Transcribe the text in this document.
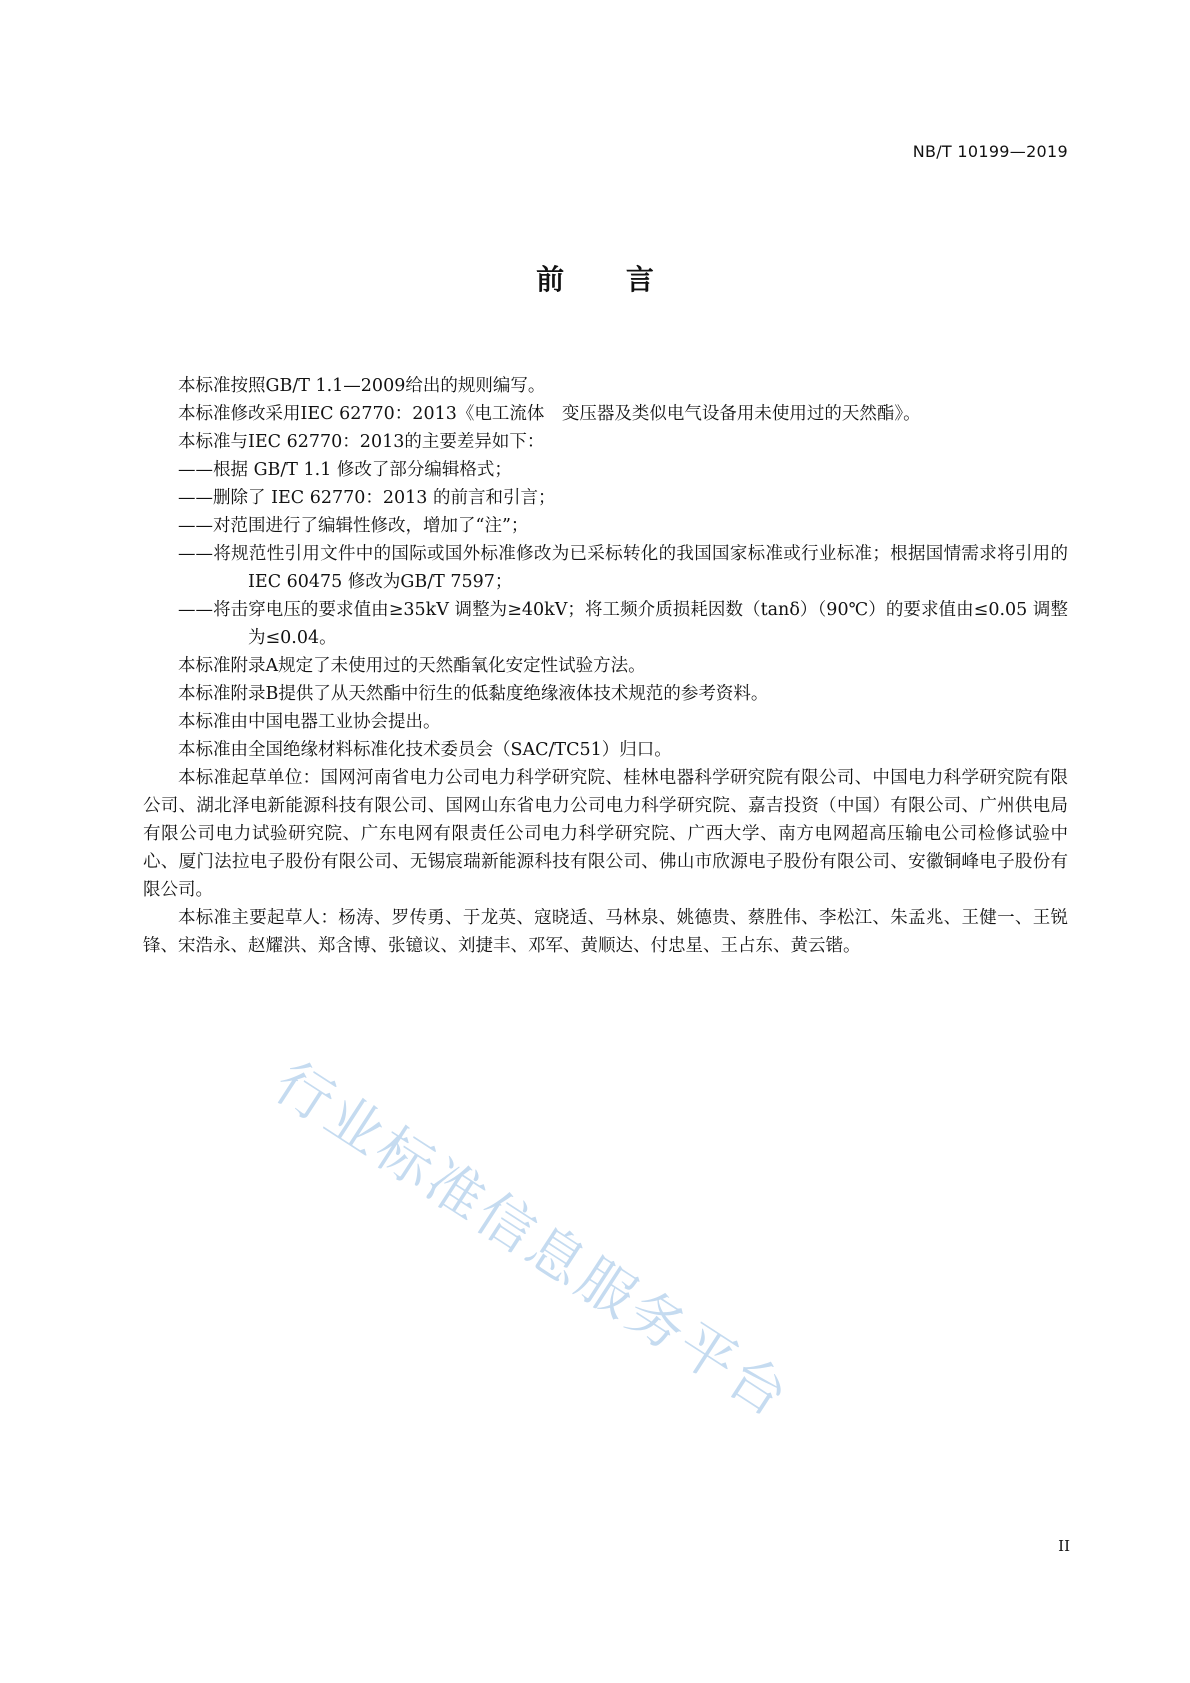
NB/T 10199—2019
前 言

本标准按照GB/T 1.1—2009给出的规则编写。

本标准修改采用IEC 62770：2013《电工流体　变压器及类似电气设备用未使用过的天然酯》。

本标准与IEC 62770：2013的主要差异如下：

——根据 GB/T 1.1 修改了部分编辑格式；

——删除了 IEC 62770：2013 的前言和引言；

——对范围进行了编辑性修改，增加了“注”；

——将规范性引用文件中的国际或国外标准修改为已采标转化的我国国家标准或行业标准；根据国情需求将引用的IEC 60475 修改为GB/T 7597；

——将击穿电压的要求值由≥35kV 调整为≥40kV；将工频介质损耗因数（tanδ）（90℃）的要求值由≤0.05 调整为≤0.04。

本标准附录A规定了未使用过的天然酯氧化安定性试验方法。

本标准附录B提供了从天然酯中衍生的低黏度绝缘液体技术规范的参考资料。

本标准由中国电器工业协会提出。

本标准由全国绝缘材料标准化技术委员会（SAC/TC51）归口。

本标准起草单位：国网河南省电力公司电力科学研究院、桂林电器科学研究院有限公司、中国电力科学研究院有限公司、湖北泽电新能源科技有限公司、国网山东省电力公司电力科学研究院、嘉吉投资（中国）有限公司、广州供电局有限公司电力试验研究院、广东电网有限责任公司电力科学研究院、广西大学、南方电网超高压输电公司检修试验中心、厦门法拉电子股份有限公司、无锡宸瑞新能源科技有限公司、佛山市欣源电子股份有限公司、安徽铜峰电子股份有限公司。

本标准主要起草人：杨涛、罗传勇、于龙英、寇晓适、马林泉、姚德贵、蔡胜伟、李松江、朱孟兆、王健一、王锐锋、宋浩永、赵耀洪、郑含博、张镱议、刘捷丰、邓军、黄顺达、付忠星、王占东、黄云锴。

行业标准信息服务平台
II
